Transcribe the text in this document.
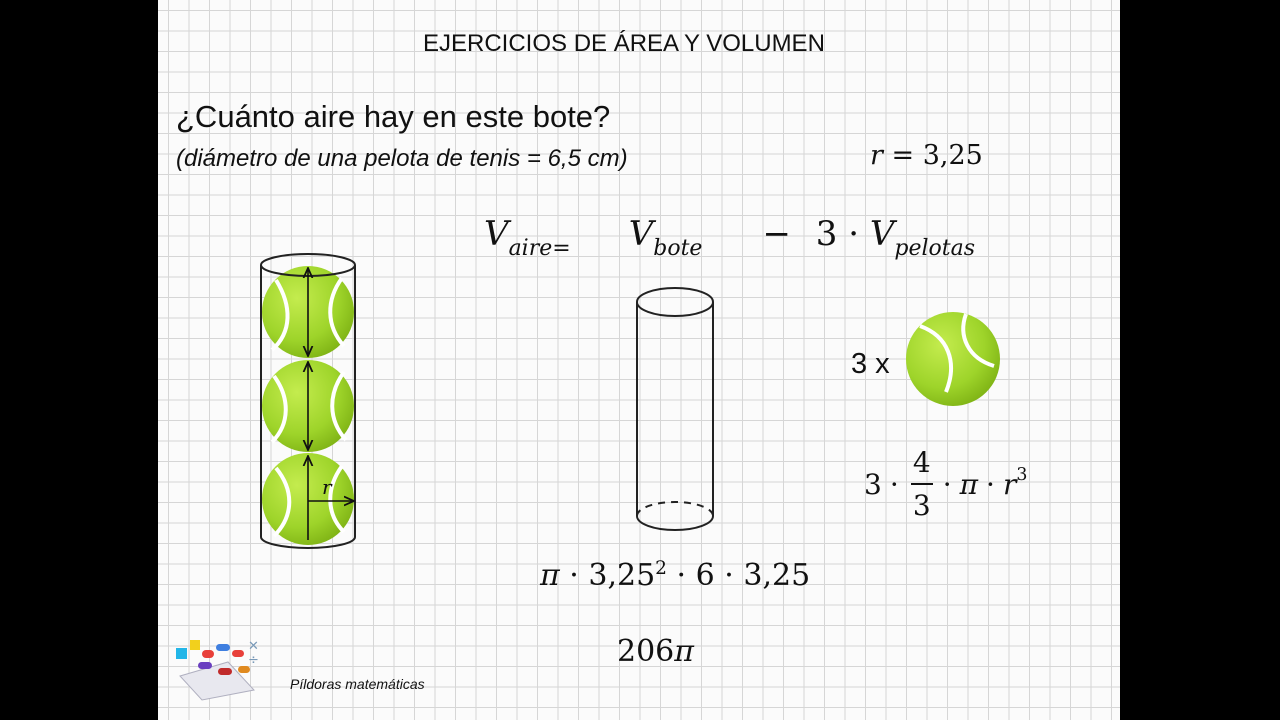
EJERCICIOS DE ÁREA Y VOLUMEN
¿Cuánto aire hay en este bote?
(diámetro de una pelota de tenis = 6,5 cm)	r = 3,25
$V_{aire=}$ $V_{bote} - 3 \cdot V_{pelotas}$
3 x
$3 \cdot \frac{4}{3} \cdot \pi \cdot r^3$
$\pi \cdot 3,25^2 \cdot 6 \cdot 3,25$
206π
r
✕
÷
Píldoras matemáticas
